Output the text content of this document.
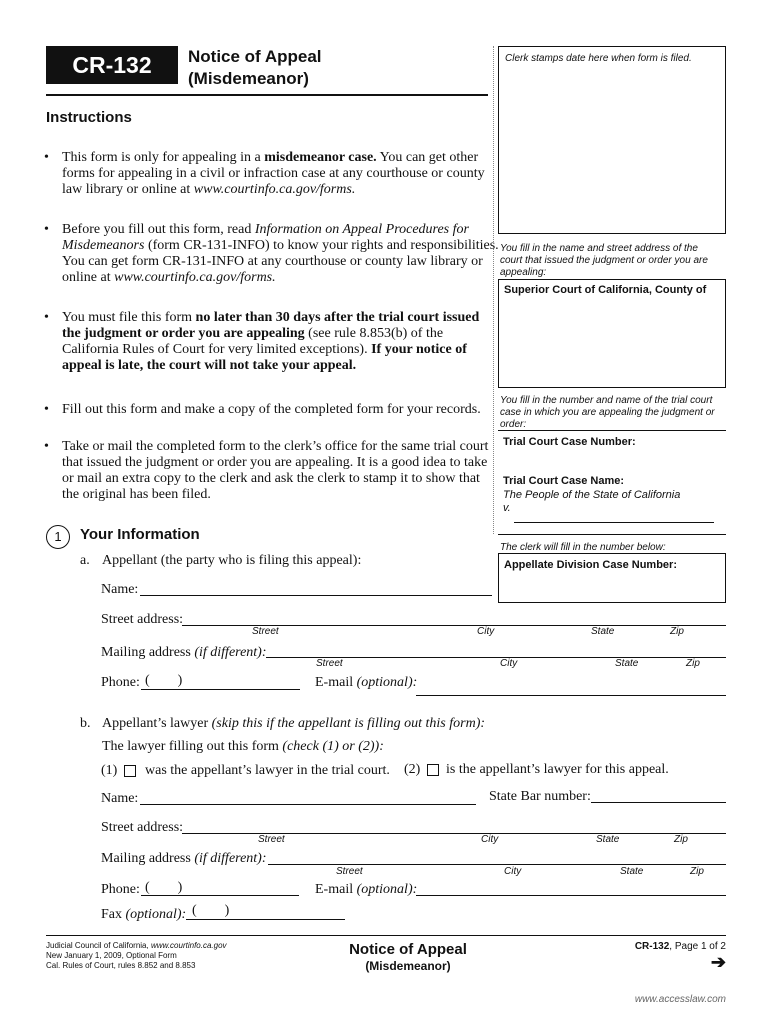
CR-132	Notice of Appeal
(Misdemeanor)
Instructions
• This form is only for appealing in a misdemeanor case. You can get other
forms for appealing in a civil or infraction case at any courthouse or county
law library or online at www.courtinfo.ca.gov/forms.
• Before you fill out this form, read Information on Appeal Procedures for
Misdemeanors (form CR-131-INFO) to know your rights and responsibilities.
You can get form CR-131-INFO at any courthouse or county law library or
online at www.courtinfo.ca.gov/forms.
• You must file this form no later than 30 days after the trial court issued
the judgment or order you are appealing (see rule 8.853(b) of the
California Rules of Court for very limited exceptions). If your notice of
appeal is late, the court will not take your appeal.
• Fill out this form and make a copy of the completed form for your records.
• Take or mail the completed form to the clerk’s office for the same trial court
that issued the judgment or order you are appealing. It is a good idea to take
or mail an extra copy to the clerk and ask the clerk to stamp it to show that
the original has been filed.
Clerk stamps date here when form is filed.
You fill in the name and street address of the
court that issued the judgment or order you are
appealing:
Superior Court of California, County of
You fill in the number and name of the trial court
case in which you are appealing the judgment or
order:
Trial Court Case Number:
Trial Court Case Name:
The People of the State of California
v.
The clerk will fill in the number below:
Appellate Division Case Number:
1	Your Information
a. Appellant (the party who is filing this appeal):
Name:
Street address:
Street	City	State	Zip
Mailing address (if different):
Street	City	State	Zip
Phone: (        )	E-mail (optional):
b. Appellant’s lawyer (skip this if the appellant is filling out this form):
The lawyer filling out this form (check (1) or (2)):
(1) was the appellant’s lawyer in the trial court. (2) is the appellant’s lawyer for this appeal.
Name:	State Bar number:
Street address:
Street	City	State	Zip
Mailing address (if different):
Street	City	State	Zip
Phone: (        )	E-mail (optional):
Fax (optional): (        )
Judicial Council of California, www.courtinfo.ca.gov
New January 1, 2009, Optional Form
Cal. Rules of Court, rules 8.852 and 8.853
Notice of Appeal
(Misdemeanor)
CR-132, Page 1 of 2
➔
www.accesslaw.com
